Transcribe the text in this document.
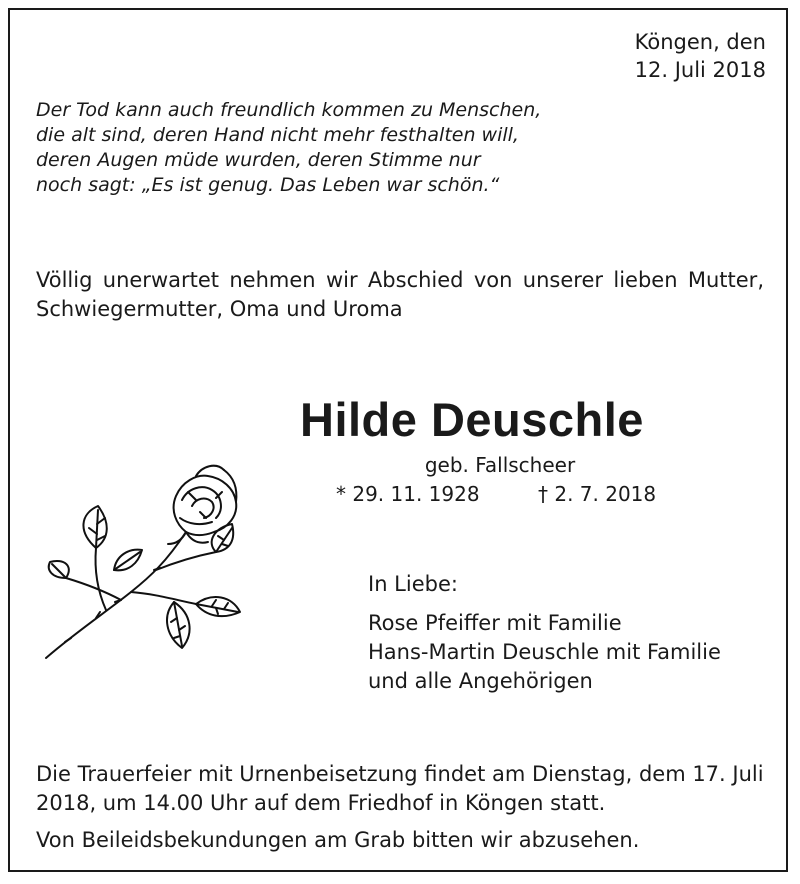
Köngen, den
12. Juli 2018
Der Tod kann auch freundlich kommen zu Menschen,
die alt sind, deren Hand nicht mehr festhalten will,
deren Augen müde wurden, deren Stimme nur
noch sagt: „Es ist genug. Das Leben war schön.“
Völlig unerwartet nehmen wir Abschied von unserer lieben Mutter, Schwiegermutter, Oma und Uroma
Hilde Deuschle
geb. Fallscheer
* 29. 11. 1928	† 2. 7. 2018
In Liebe:
Rose Pfeiffer mit Familie
Hans-Martin Deuschle mit Familie
und alle Angehörigen
Die Trauerfeier mit Urnenbeisetzung findet am Dienstag, dem 17. Juli 2018, um 14.00 Uhr auf dem Friedhof in Köngen statt.
Von Beileidsbekundungen am Grab bitten wir abzusehen.
